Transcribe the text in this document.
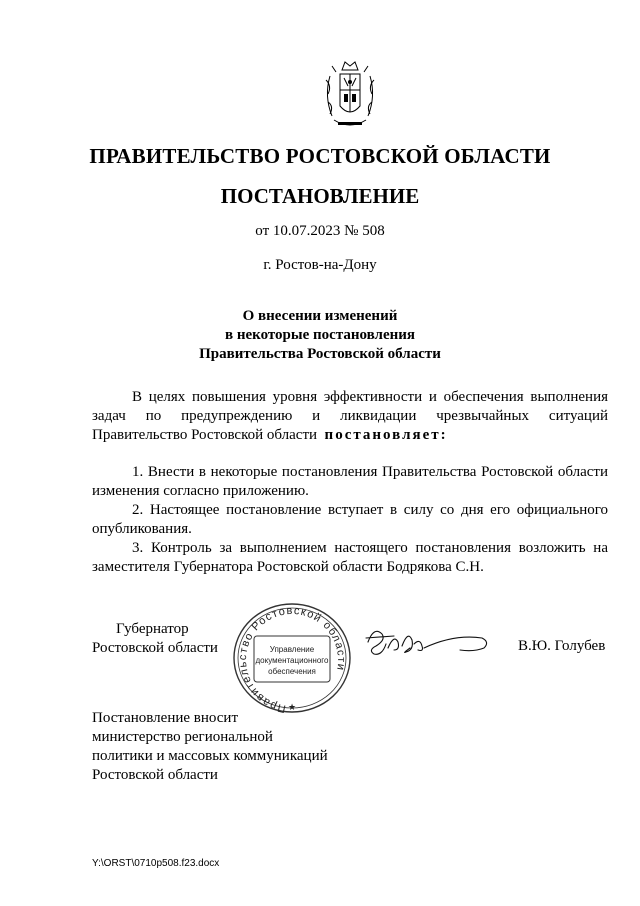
ПРАВИТЕЛЬСТВО РОСТОВСКОЙ ОБЛАСТИ
ПОСТАНОВЛЕНИЕ
от 10.07.2023 № 508
г. Ростов-на-Дону
О внесении изменений
в некоторые постановления
Правительства Ростовской области
В целях повышения уровня эффективности и обеспечения выполнения задач по предупреждению и ликвидации чрезвычайных ситуаций Правительство Ростовской области постановляет:
1. Внести в некоторые постановления Правительства Ростовской области изменения согласно приложению.
2. Настоящее постановление вступает в силу со дня его официального опубликования.
3. Контроль за выполнением настоящего постановления возложить на заместителя Губернатора Ростовской области Бодрякова С.Н.
Губернатор
Ростовской области
Правительство Ростовской области
Управление
документационного
обеспечения
★
В.Ю. Голубев
Постановление вносит
министерство региональной
политики и массовых коммуникаций
Ростовской области
Y:\ORST\0710p508.f23.docx
